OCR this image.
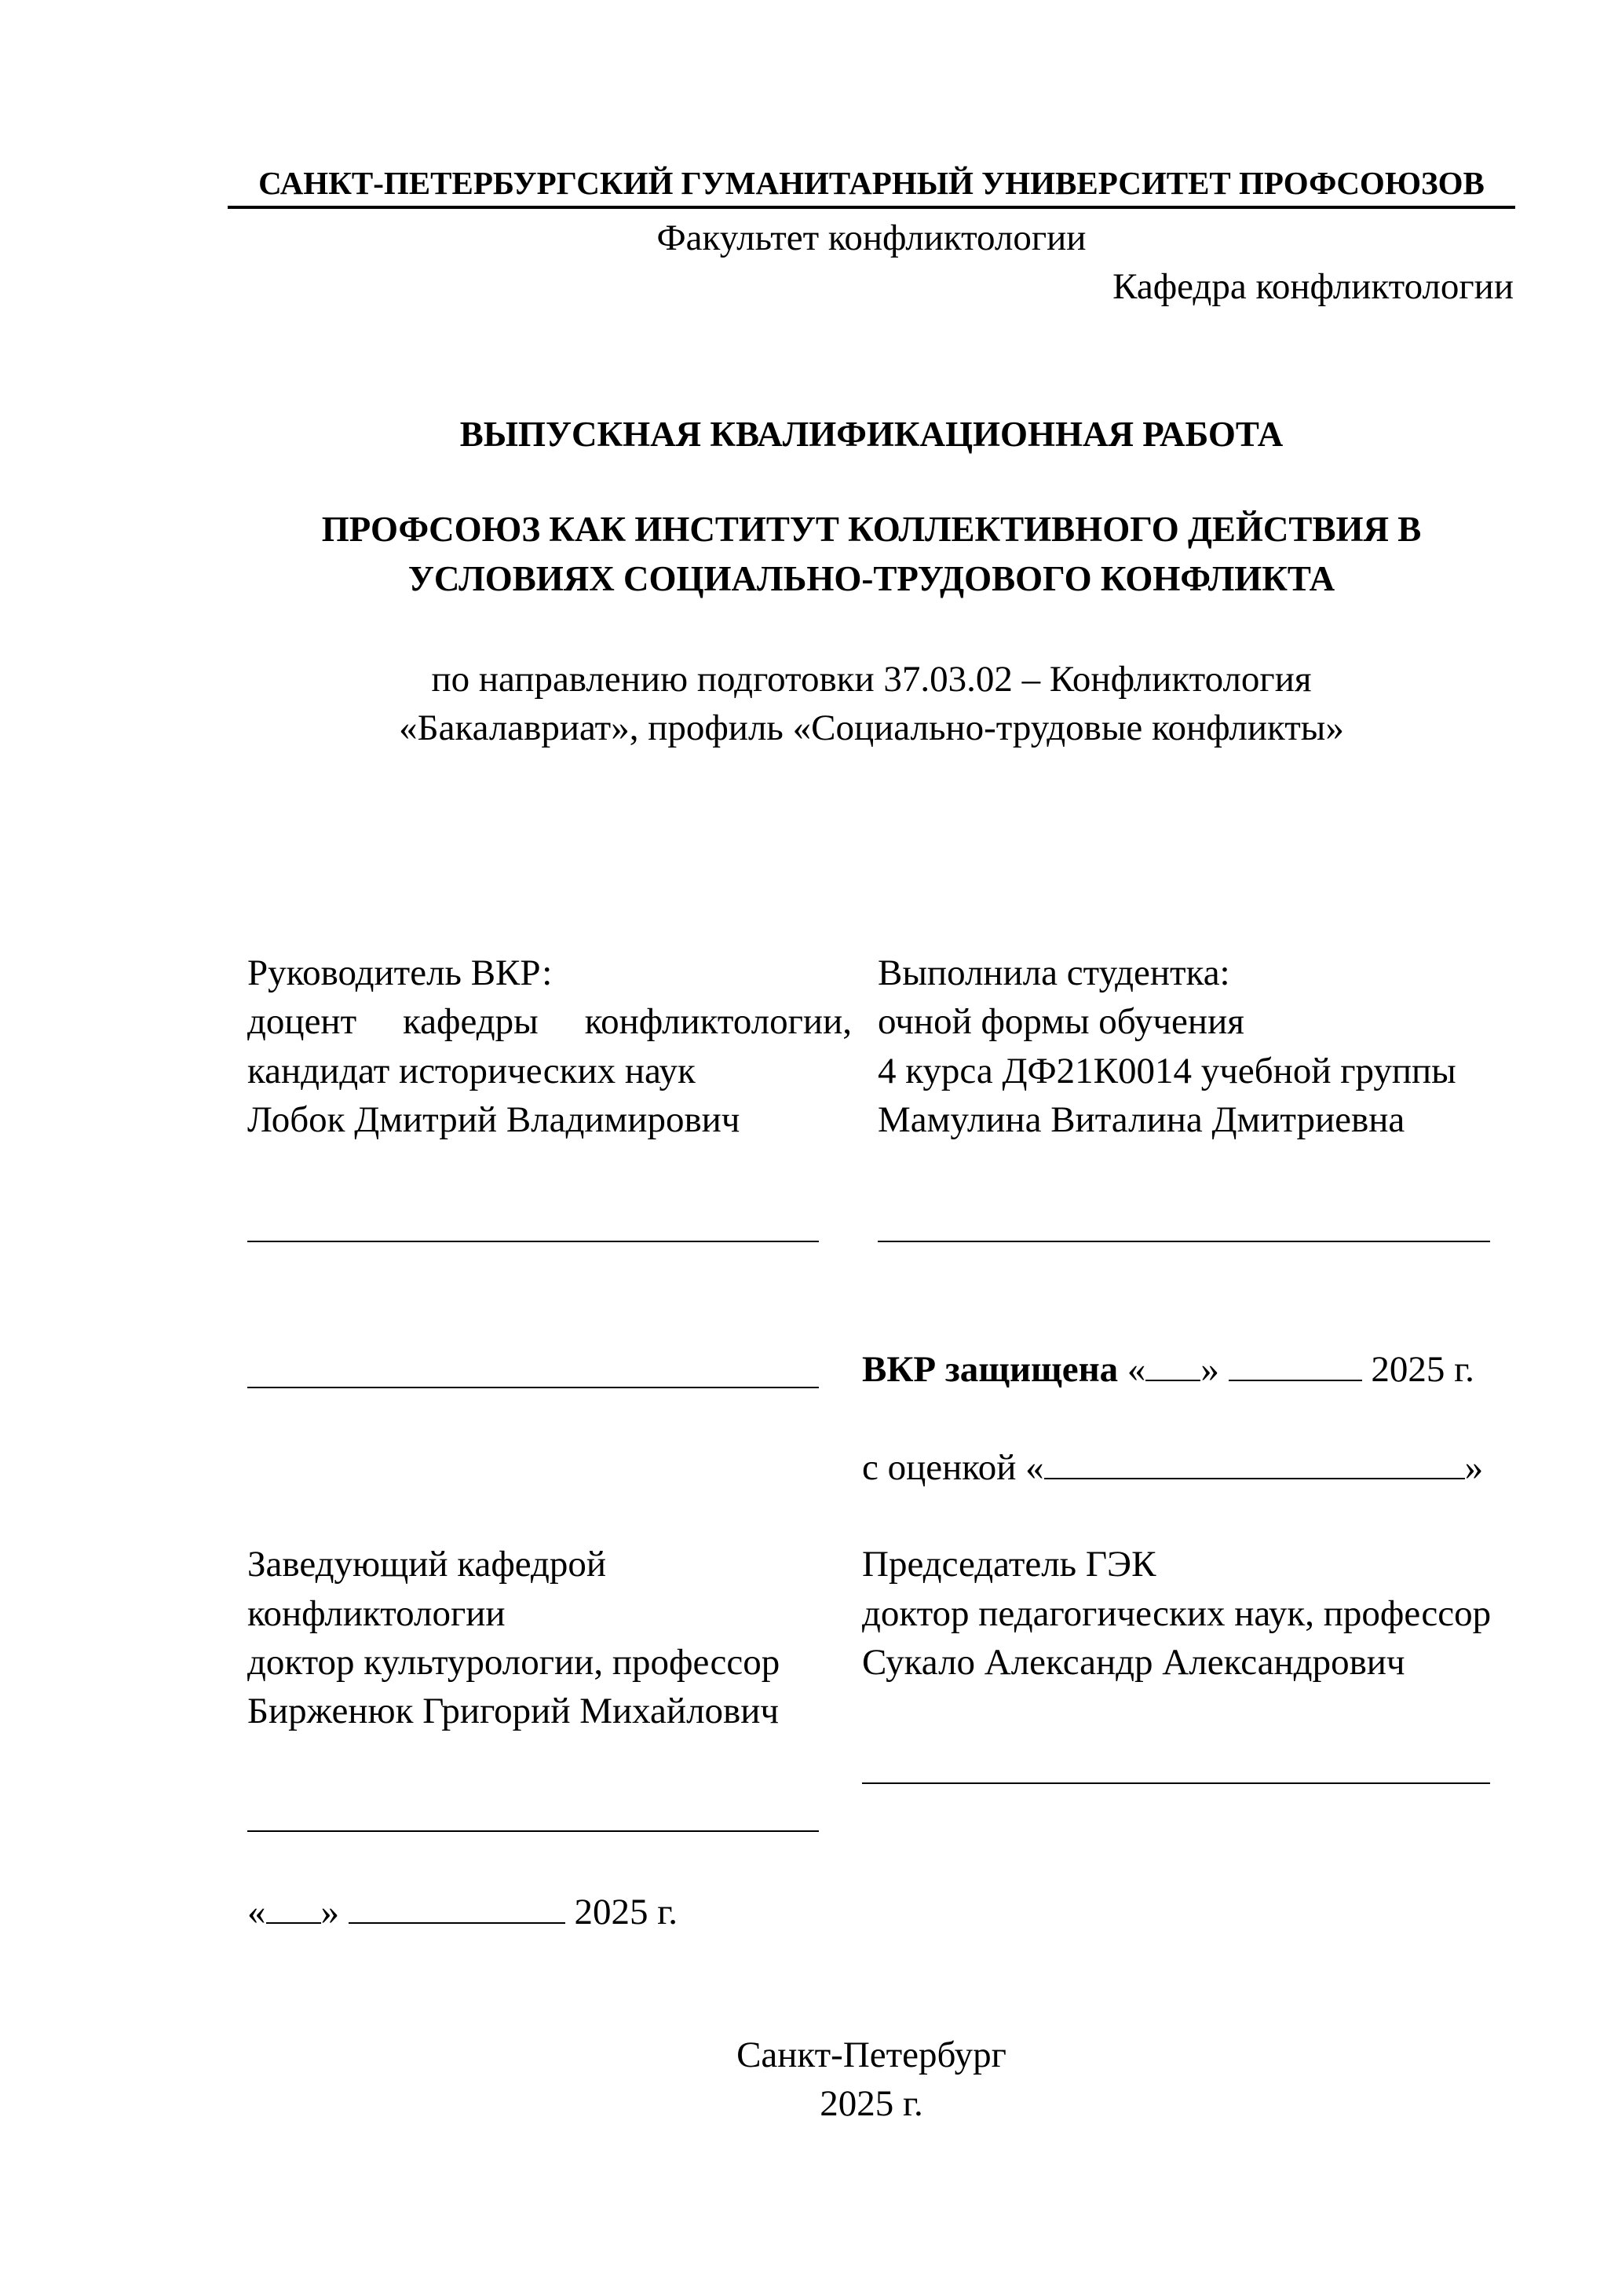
САНКТ-ПЕТЕРБУРГСКИЙ ГУМАНИТАРНЫЙ УНИВЕРСИТЕТ ПРОФСОЮЗОВ
Факультет конфликтологии
Кафедра конфликтологии
ВЫПУСКНАЯ КВАЛИФИКАЦИОННАЯ РАБОТА
ПРОФСОЮЗ КАК ИНСТИТУТ КОЛЛЕКТИВНОГО ДЕЙСТВИЯ В
УСЛОВИЯХ СОЦИАЛЬНО-ТРУДОВОГО КОНФЛИКТА
по направлению подготовки 37.03.02 – Конфликтология
«Бакалавриат», профиль «Социально-трудовые конфликты»
Руководитель ВКР:
доцент кафедры конфликтологии,
кандидат исторических наук
Лобок Дмитрий Владимирович
Выполнила студентка:
очной формы обучения
4 курса ДФ21К0014 учебной группы
Мамулина Виталина Дмитриевна
ВКР защищена « »	2025 г.
с оценкой «	»
Заведующий кафедрой
конфликтологии
доктор культурологии, профессор
Бирженюк Григорий Михайлович
Председатель ГЭК
доктор педагогических наук, профессор
Сукало Александр Александрович
« »	2025 г.
Санкт-Петербург
2025 г.
